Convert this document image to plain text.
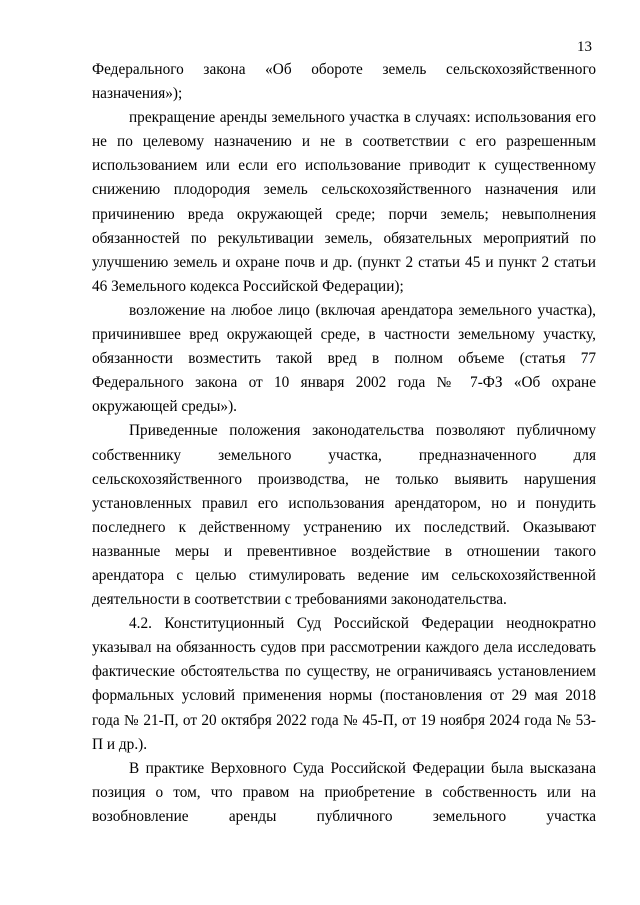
13

Федерального закона «Об обороте земель сельскохозяйственного назначения»);

прекращение аренды земельного участка в случаях: использования его не по целевому назначению и не в соответствии с его разрешенным использованием или если его использование приводит к существенному снижению плодородия земель сельскохозяйственного назначения или причинению вреда окружающей среде; порчи земель; невыполнения обязанностей по рекультивации земель, обязательных мероприятий по улучшению земель и охране почв и др. (пункт 2 статьи 45 и пункт 2 статьи 46 Земельного кодекса Российской Федерации);

возложение на любое лицо (включая арендатора земельного участка), причинившее вред окружающей среде, в частности земельному участку, обязанности возместить такой вред в полном объеме (статья 77 Федерального закона от 10 января 2002 года № 7-ФЗ «Об охране окружающей среды»).

Приведенные положения законодательства позволяют публичному собственнику земельного участка, предназначенного для сельскохозяйственного производства, не только выявить нарушения установленных правил его использования арендатором, но и понудить последнего к действенному устранению их последствий. Оказывают названные меры и превентивное воздействие в отношении такого арендатора с целью стимулировать ведение им сельскохозяйственной деятельности в соответствии с требованиями законодательства.

4.2. Конституционный Суд Российской Федерации неоднократно указывал на обязанность судов при рассмотрении каждого дела исследовать фактические обстоятельства по существу, не ограничиваясь установлением формальных условий применения нормы (постановления от 29 мая 2018 года № 21-П, от 20 октября 2022 года № 45-П, от 19 ноября 2024 года № 53-П и др.).

В практике Верховного Суда Российской Федерации была высказана позиция о том, что правом на приобретение в собственность или на возобновление аренды публичного земельного участка
